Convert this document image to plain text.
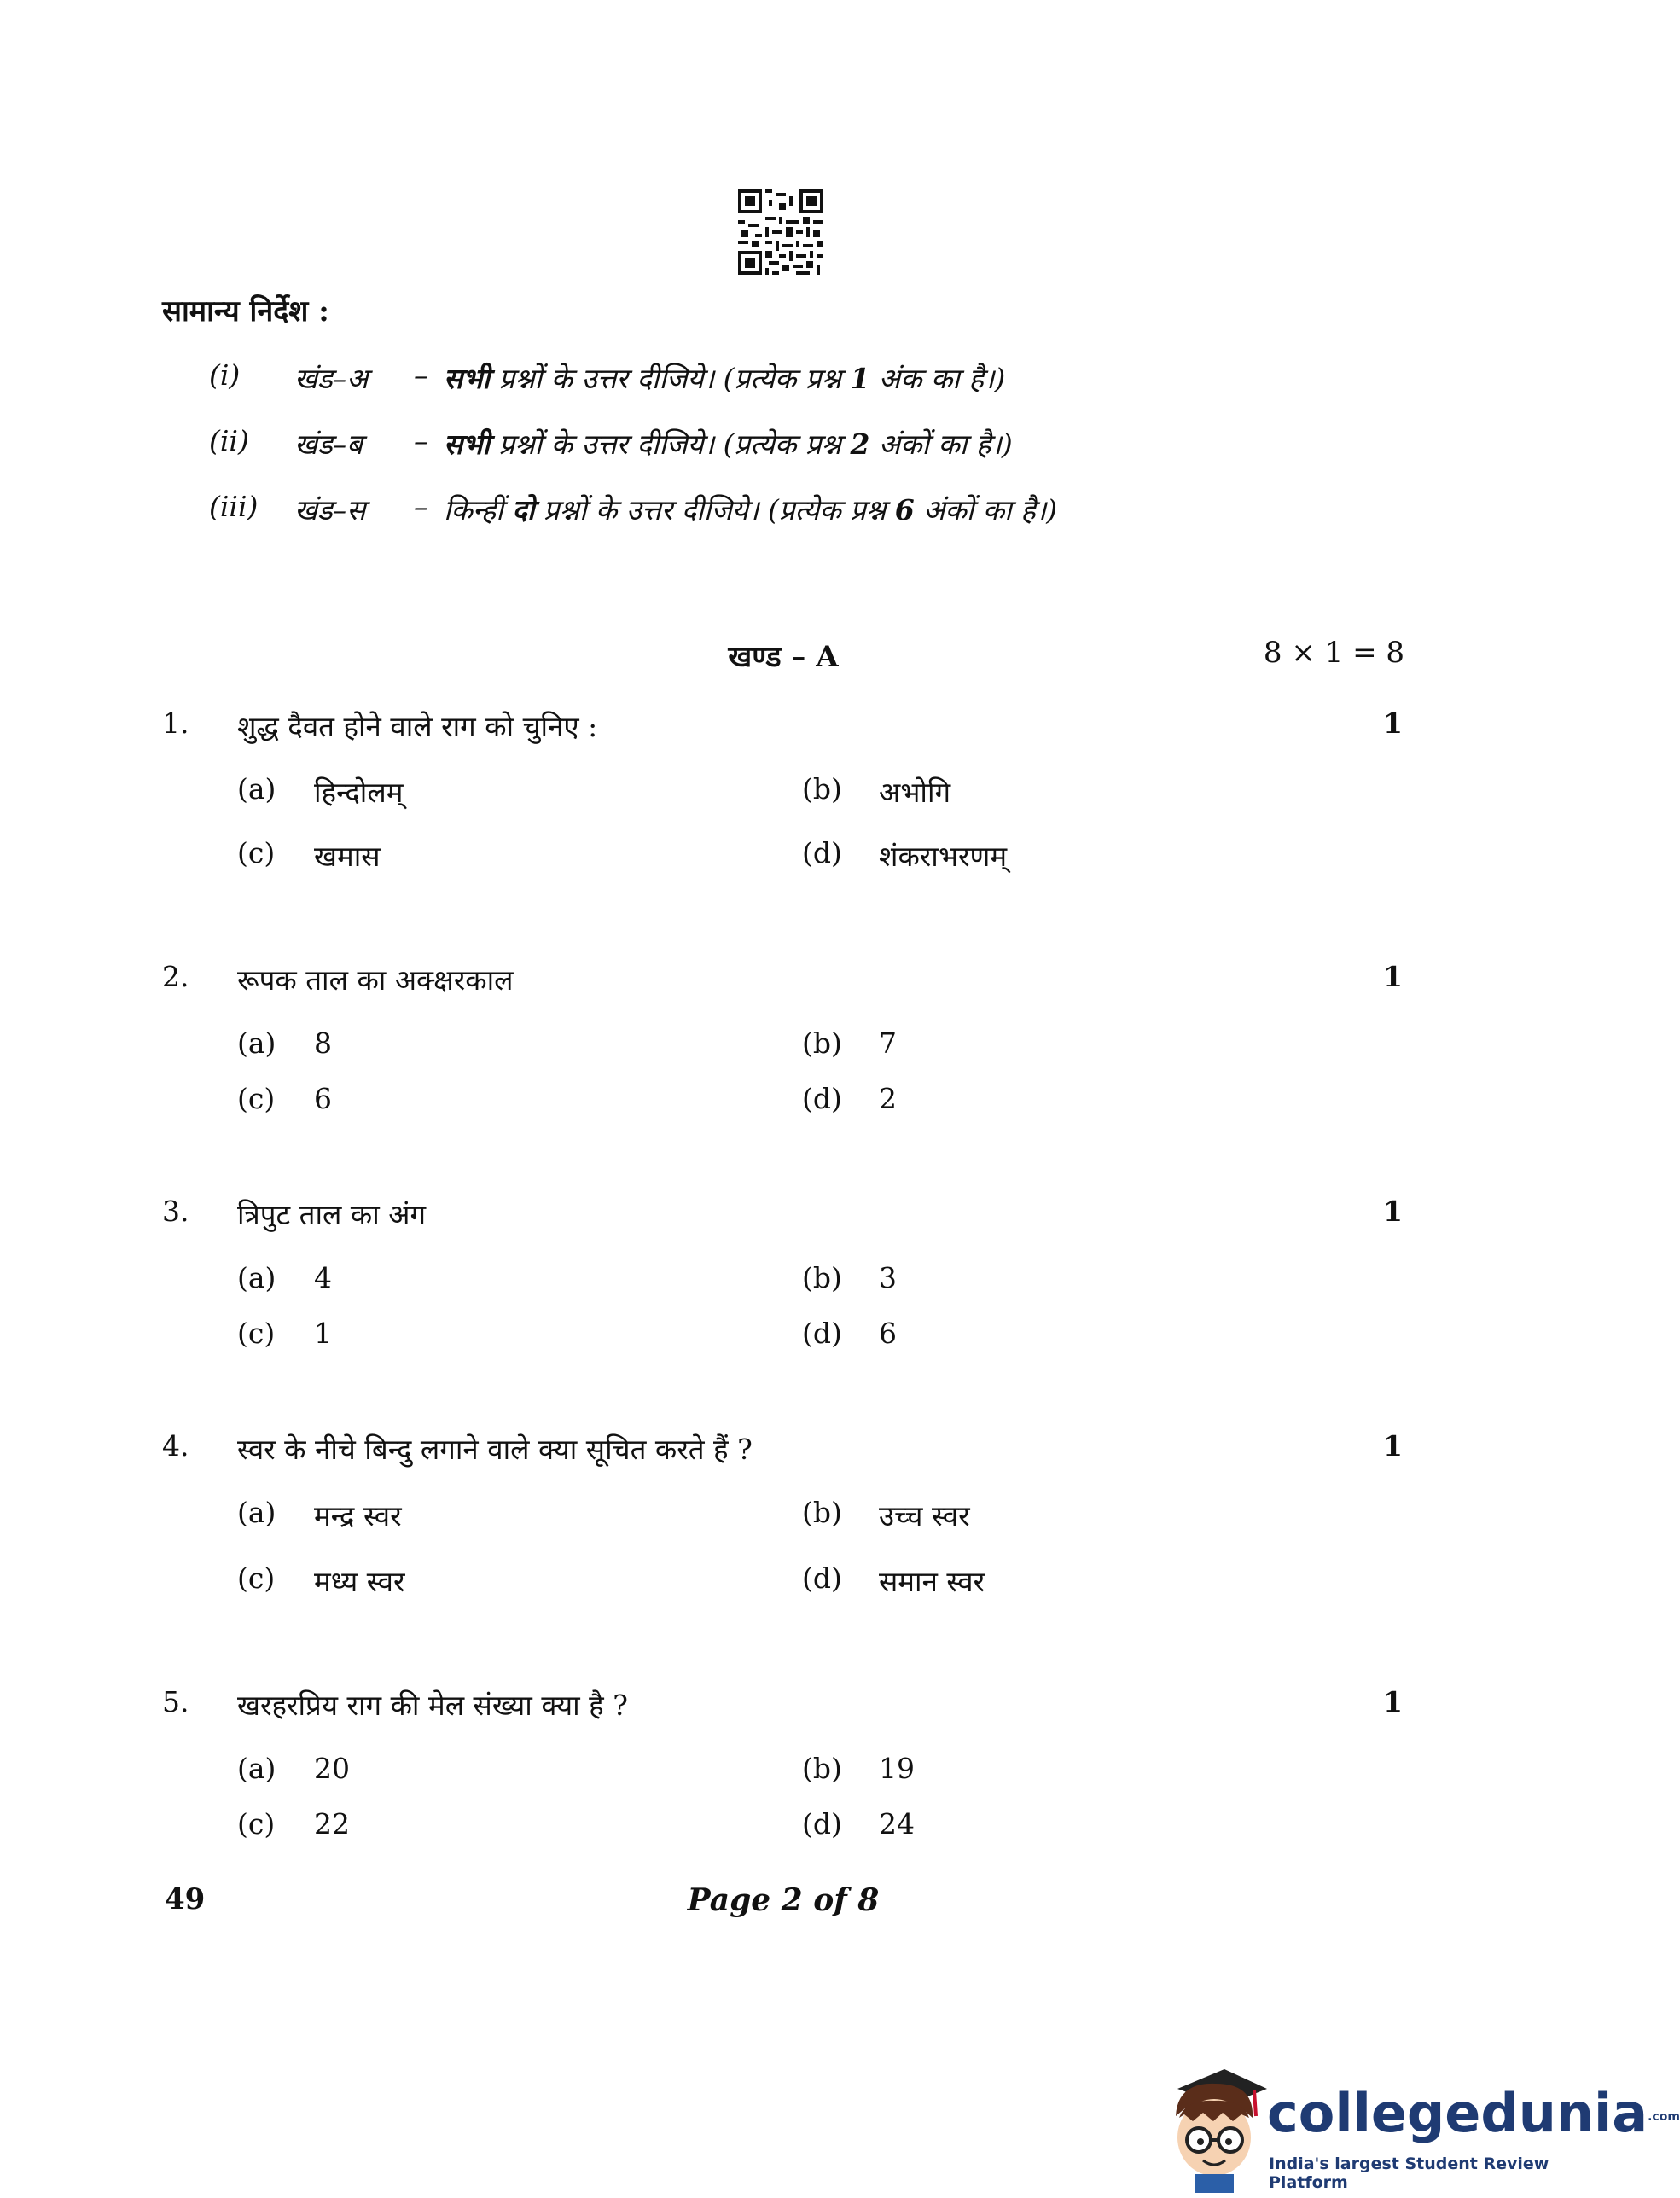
सामान्य निर्देश :
(i)	खंड–अ – सभी प्रश्नों के उत्तर दीजिये। (प्रत्येक प्रश्न 1 अंक का है।)
(ii)	खंड–ब – सभी प्रश्नों के उत्तर दीजिये। (प्रत्येक प्रश्न 2 अंकों का है।)
(iii)	खंड–स – किन्हीं दो प्रश्नों के उत्तर दीजिये। (प्रत्येक प्रश्न 6 अंकों का है।)
खण्ड – A	8 × 1 = 8
1. शुद्ध दैवत होने वाले राग को चुनिए :	1
(a) हिन्दोलम्	(b) अभोगि
(c) खमास	(d) शंकराभरणम्
2. रूपक ताल का अक्क्षरकाल	1
(a) 8	(b) 7
(c) 6	(d) 2
3. त्रिपुट ताल का अंग	1
(a) 4	(b) 3
(c) 1	(d) 6
4. स्वर के नीचे बिन्दु लगाने वाले क्या सूचित करते हैं ?	1
(a) मन्द्र स्वर	(b) उच्च स्वर
(c) मध्य स्वर	(d) समान स्वर
5. खरहरप्रिय राग की मेल संख्या क्या है ?	1
(a) 20	(b) 19
(c) 22	(d) 24
49	Page 2 of 8
collegedunia.com
India's largest Student Review Platform
